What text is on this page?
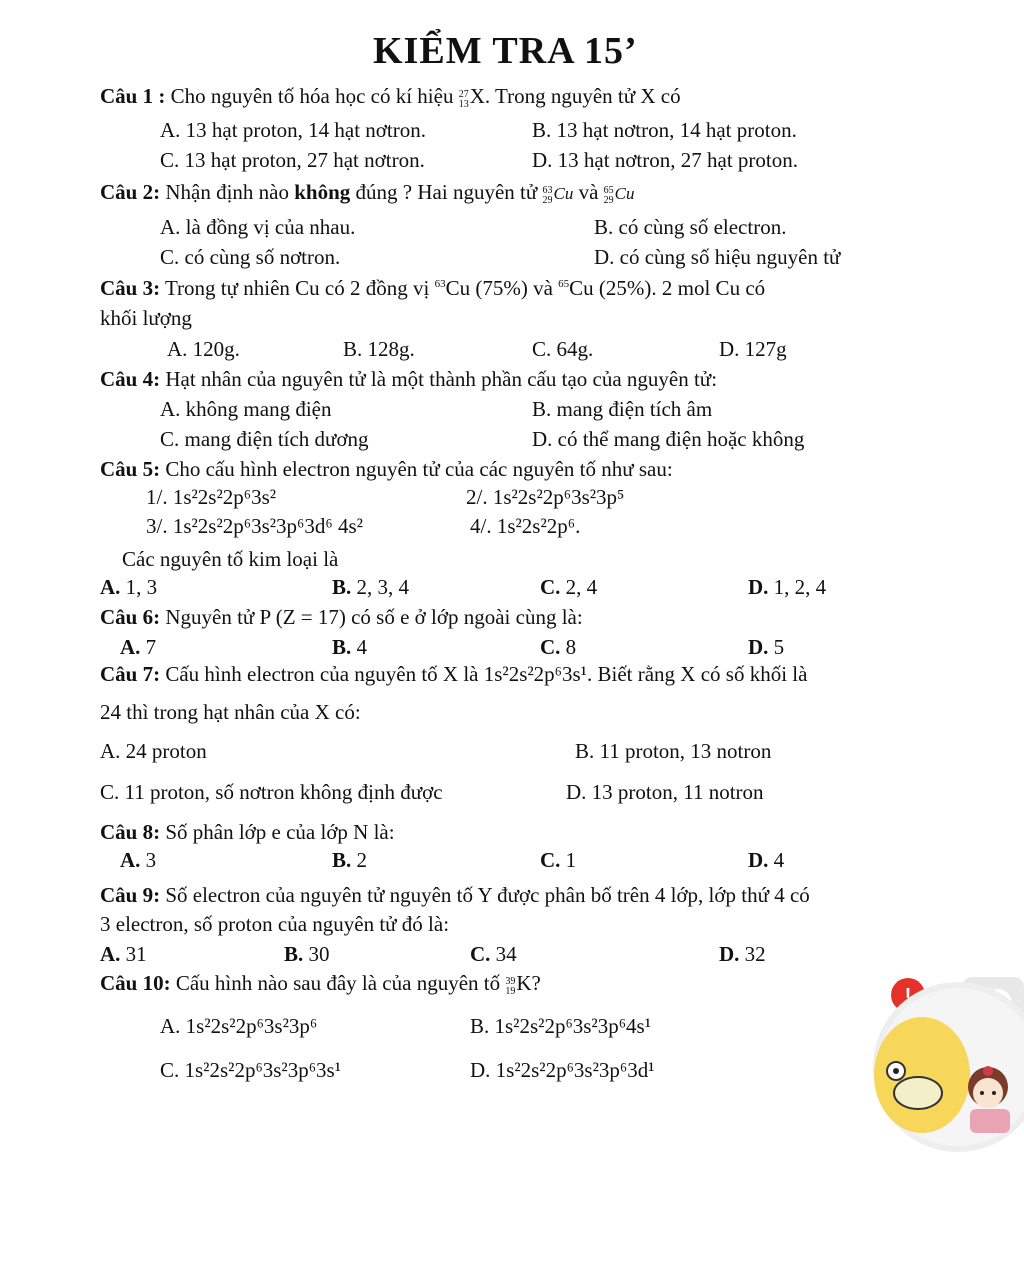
KIỂM TRA 15’
Câu 1 : Cho nguyên tố hóa học có kí hiệu 27
13 X. Trong nguyên tử X có
A. 13 hạt proton, 14 hạt nơtron.	B. 13 hạt nơtron, 14 hạt proton.
C. 13 hạt proton, 27 hạt nơtron.	D. 13 hạt nơtron, 27 hạt proton.
Câu 2: Nhận định nào không đúng ? Hai nguyên tử 63
29 Cu và 65
29 Cu
A. là đồng vị của nhau.	B. có cùng số electron.
C. có cùng số nơtron.	D. có cùng số hiệu nguyên tử
Câu 3: Trong tự nhiên Cu có 2 đồng vị $^{63}$Cu (75%) và $^{65}$Cu (25%). 2 mol Cu có
khối lượng
A. 120g.	B. 128g.	C. 64g.	D. 127g
Câu 4: Hạt nhân của nguyên tử là một thành phần cấu tạo của nguyên tử:
A. không mang điện	B. mang điện tích âm
C. mang điện tích dương	D. có thể mang điện hoặc không
Câu 5: Cho cấu hình electron nguyên tử của các nguyên tố như sau:
1/. 1s²2s²2p⁶3s²	2/. 1s²2s²2p⁶3s²3p⁵
3/. 1s²2s²2p⁶3s²3p⁶3d⁶ 4s²	4/. 1s²2s²2p⁶.
Các nguyên tố kim loại là
A. 1, 3	B. 2, 3, 4	C. 2, 4	D. 1, 2, 4
Câu 6: Nguyên tử P (Z = 17) có số e ở lớp ngoài cùng là:
A. 7	B. 4	C. 8	D. 5
Câu 7: Cấu hình electron của nguyên tố X là 1s²2s²2p⁶3s¹. Biết rằng X có số khối là
24 thì trong hạt nhân của X có:
A. 24 proton	B. 11 proton, 13 notron
C. 11 proton, số nơtron không định được	D. 13 proton, 11 notron
Câu 8: Số phân lớp e của lớp N là:
A. 3	B. 2	C. 1	D. 4
Câu 9: Số electron của nguyên tử nguyên tố Y được phân bố trên 4 lớp, lớp thứ 4 có
3 electron, số proton của nguyên tử đó là:
A. 31	B. 30	C. 34	D. 32
Câu 10: Cấu hình nào sau đây là của nguyên tố 39
19 K?
A. 1s²2s²2p⁶3s²3p⁶	B. 1s²2s²2p⁶3s²3p⁶4s¹
C. 1s²2s²2p⁶3s²3p⁶3s¹	D. 1s²2s²2p⁶3s²3p⁶3d¹
!
